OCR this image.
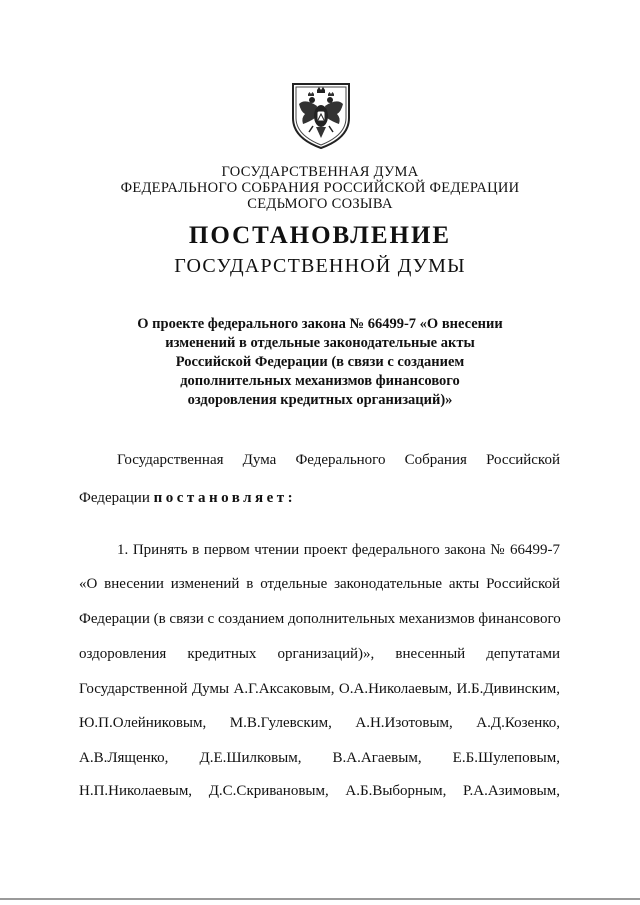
ГОСУДАРСТВЕННАЯ ДУМА
ФЕДЕРАЛЬНОГО СОБРАНИЯ РОССИЙСКОЙ ФЕДЕРАЦИИ
СЕДЬМОГО СОЗЫВА
ПОСТАНОВЛЕНИЕ
ГОСУДАРСТВЕННОЙ ДУМЫ
О проекте федерального закона № 66499-7 «О внесении
изменений в отдельные законодательные акты
Российской Федерации (в связи с созданием
дополнительных механизмов финансового
оздоровления кредитных организаций)»
Государственная Дума Федерального Собрания Российской
Федерации постановляет:
1. Принять в первом чтении проект федерального закона № 66499-7
«О внесении изменений в отдельные законодательные акты Российской
Федерации (в связи с созданием дополнительных механизмов финансового
оздоровления кредитных организаций)», внесенный депутатами
Государственной Думы А.Г.Аксаковым, О.А.Николаевым, И.Б.Дивинским,
Ю.П.Олейниковым, М.В.Гулевским, А.Н.Изотовым, А.Д.Козенко,
А.В.Лященко, Д.Е.Шилковым, В.А.Агаевым, Е.Б.Шулеповым,
Н.П.Николаевым, Д.С.Скривановым, А.Б.Выборным, Р.А.Азимовым,
